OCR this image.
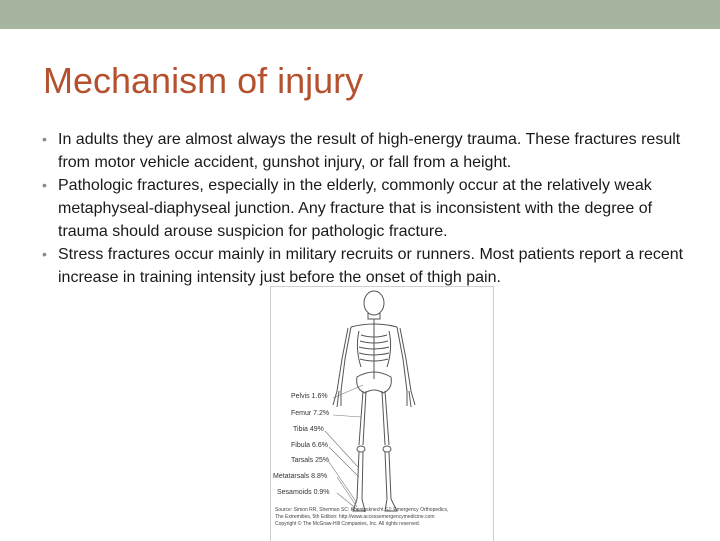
Mechanism of injury
• In adults they are almost always the result of high-energy trauma. These fractures result from motor vehicle accident, gunshot injury, or fall from a height.
• Pathologic fractures, especially in the elderly, commonly occur at the relatively weak metaphyseal-diaphyseal junction. Any fracture that is inconsistent with the degree of trauma should arouse suspicion for pathologic fracture.
• Stress fractures occur mainly in military recruits or runners. Most patients report a recent increase in training intensity just before the onset of thigh pain.
Pelvis 1.6%
Femur 7.2%
Tibia 49%
Fibula 6.6%
Tarsals 25%
Metatarsals 8.8%
Sesamoids 0.9%
Source: Simon RR, Sherman SC: Koenigsknecht SJ: Emergency Orthopedics,
The Extremities, 5th Edition: http://www.accessemergencymedicine.com
Copyright © The McGraw-Hill Companies, Inc. All rights reserved.
